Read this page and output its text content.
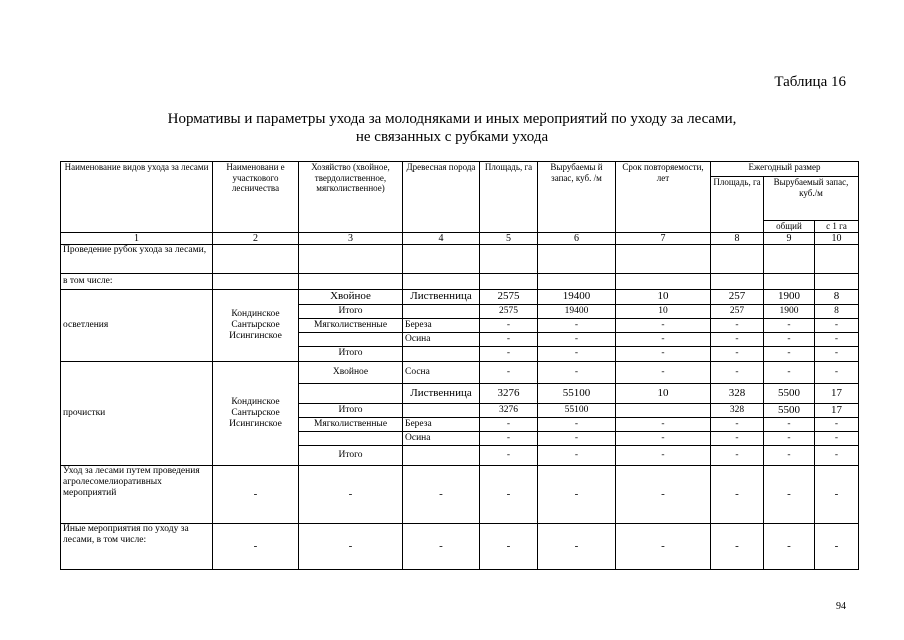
Таблица 16
Нормативы и параметры ухода за молодняками и иных мероприятий по уходу за лесами,
не связанных с рубками ухода
Наименование видов ухода за лесами	Наименовани е участкового лесничества	Хозяйство (хвойное, твердолиственное, мягколиственное)	Древесная порода	Площадь, га	Вырубаемы й запас, куб. /м	Срок повторяемости, лет	Ежегодный размер		
							Площадь, га	Вырубаемый запас, куб./м	
								общий	с 1 га
1	2	3	4	5	6	7	8	9	10
Проведение рубок ухода за лесами,									
в том числе:									
осветления	Кондинское
Сантырское
Исингинское	Хвойное	Лиственница	2575	19400	10	257	1900	8
		Итого		2575	19400	10	257	1900	8
		Мягколиственные	Береза	-	-	-	-	-	-
			Осина	-	-	-	-	-	-
		Итого		-	-	-	-	-	-
прочистки	Кондинское
Сантырское
Исингинское	Хвойное	Сосна	-	-	-	-	-	-
			Лиственница	3276	55100	10	328	5500	17
		Итого		3276	55100		328	5500	17
		Мягколиственные	Береза	-	-	-	-	-	-
			Осина	-	-	-	-	-	-
		Итого		-	-	-	-	-	-
Уход за лесами путем проведения агролесомелиоративных мероприятий	-	-	-	-	-	-	-	-	-
Иные мероприятия по уходу за лесами, в том числе:	-	-	-	-	-	-	-	-	-
94
